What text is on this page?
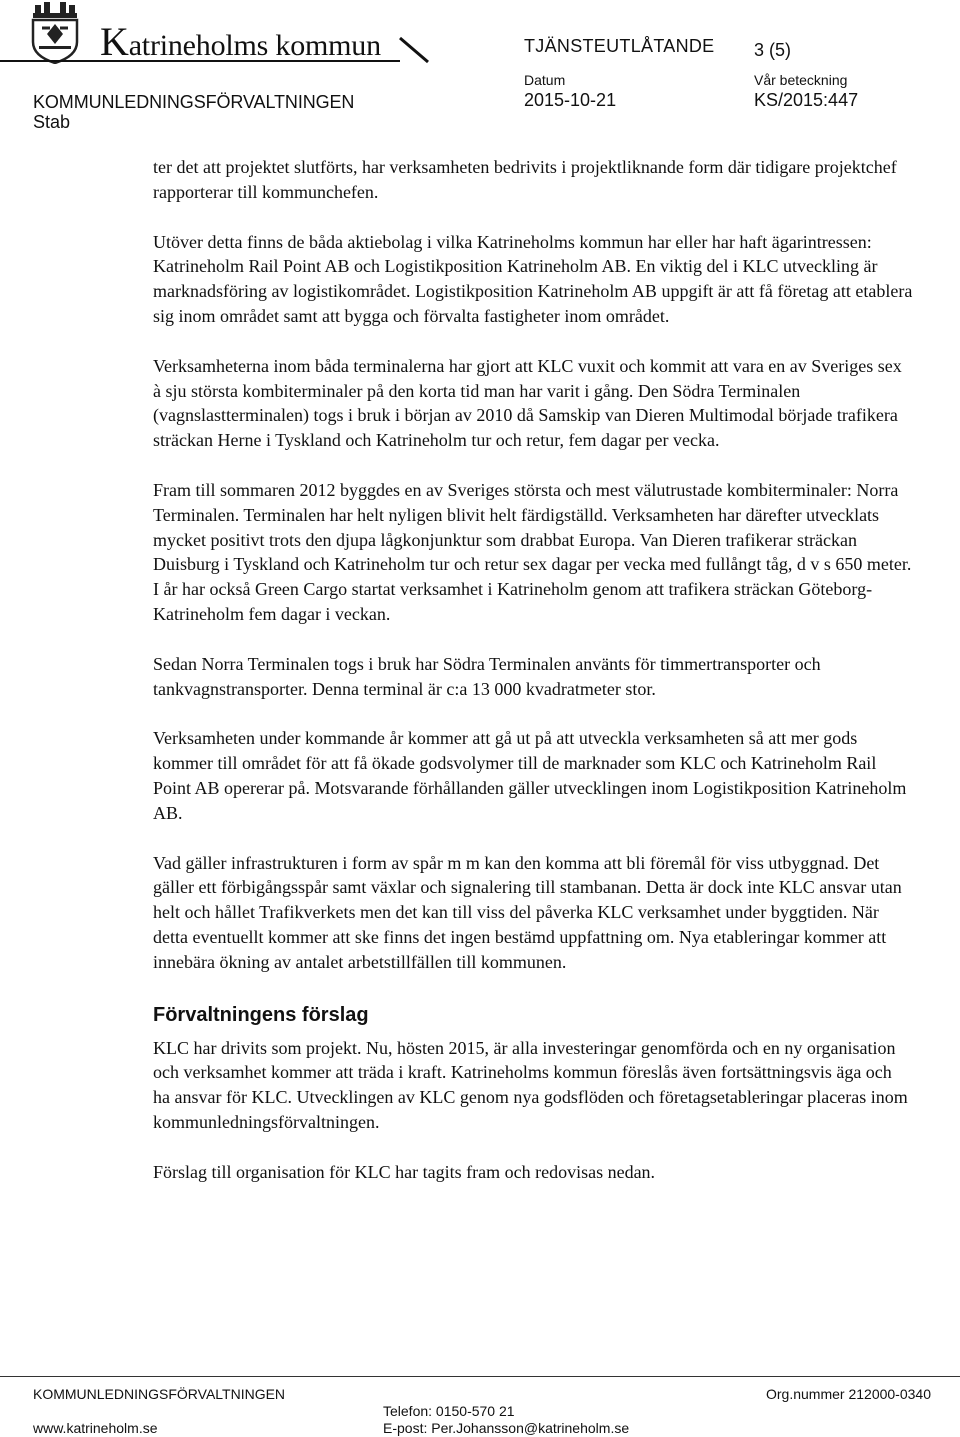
Katrineholms kommun	TJÄNSTEUTLÅTANDE 3 (5)
Datum	Vår beteckning
KOMMUNLEDNINGSFÖRVALTNINGEN	2015-10-21	KS/2015:447
Stab

ter det att projektet slutförts, har verksamheten bedrivits i projektliknande form där tidigare projektchef rapporterar till kommunchefen.

Utöver detta finns de båda aktiebolag i vilka Katrineholms kommun har eller har haft ägarintressen: Katrineholm Rail Point AB och Logistikposition Katrineholm AB. En viktig del i KLC utveckling är marknadsföring av logistikområdet. Logistikposition Katrineholm AB uppgift är att få företag att etablera sig inom området samt att bygga och förvalta fastigheter inom området.

Verksamheterna inom båda terminalerna har gjort att KLC vuxit och kommit att vara en av Sveriges sex à sju största kombiterminaler på den korta tid man har varit i gång. Den Södra Terminalen (vagnslastterminalen) togs i bruk i början av 2010 då Samskip van Dieren Multimodal började trafikera sträckan Herne i Tyskland och Katrineholm tur och retur, fem dagar per vecka.

Fram till sommaren 2012 byggdes en av Sveriges största och mest välutrustade kombiterminaler: Norra Terminalen. Terminalen har helt nyligen blivit helt färdigställd. Verksamheten har därefter utvecklats mycket positivt trots den djupa lågkonjunktur som drabbat Europa. Van Dieren trafikerar sträckan Duisburg i Tyskland och Katrineholm tur och retur sex dagar per vecka med fullångt tåg, d v s 650 meter. I år har också Green Cargo startat verksamhet i Katrineholm genom att trafikera sträckan Göteborg- Katrineholm fem dagar i veckan.

Sedan Norra Terminalen togs i bruk har Södra Terminalen använts för timmertransporter och tankvagnstransporter. Denna terminal är c:a 13 000 kvadratmeter stor.

Verksamheten under kommande år kommer att gå ut på att utveckla verksamheten så att mer gods kommer till området för att få ökade godsvolymer till de marknader som KLC och Katrineholm Rail Point AB opererar på. Motsvarande förhållanden gäller utvecklingen inom Logistikposition Katrineholm AB.

Vad gäller infrastrukturen i form av spår m m kan den komma att bli föremål för viss utbyggnad. Det gäller ett förbigångsspår samt växlar och signalering till stambanan. Detta är dock inte KLC ansvar utan helt och hållet Trafikverkets men det kan till viss del påverka KLC verksamhet under byggtiden. När detta eventuellt kommer att ske finns det ingen bestämd uppfattning om. Nya etableringar kommer att innebära ökning av antalet arbetstillfällen till kommunen.

Förvaltningens förslag

KLC har drivits som projekt. Nu, hösten 2015, är alla investeringar genomförda och en ny organisation och verksamhet kommer att träda i kraft. Katrineholms kommun föreslås även fortsättningsvis äga och ha ansvar för KLC. Utvecklingen av KLC genom nya godsflöden och företagsetableringar placeras inom kommunledningsförvaltningen.

Förslag till organisation för KLC har tagits fram och redovisas nedan.

KOMMUNLEDNINGSFÖRVALTNINGEN
www.katrineholm.se
Telefon: 0150-570 21
E-post: Per.Johansson@katrineholm.se
Org.nummer 212000-0340
